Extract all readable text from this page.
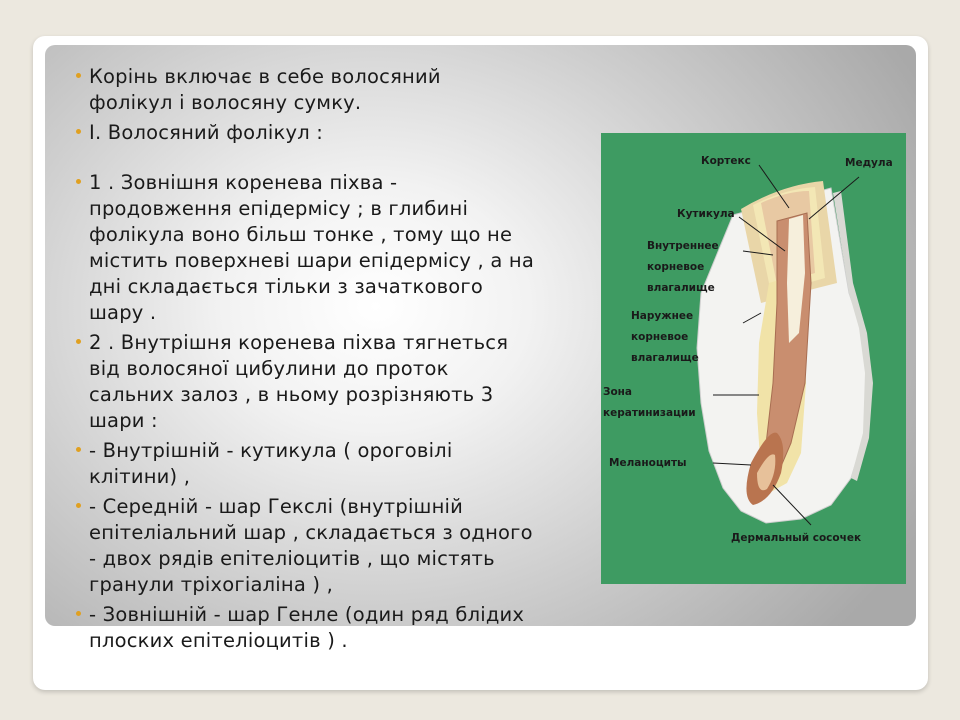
Корінь включає в себе волосяний
фолікул і волосяну сумку.
І. Волосяний фолікул :
1 . Зовнішня коренева піхва -
продовження епідермісу ; в глибині
фолікула воно більш тонке , тому що не
містить поверхневі шари епідермісу , а на
дні складається тільки з зачаткового
шару .
2 . Внутрішня коренева піхва тягнеться
від волосяної цибулини до проток
сальних залоз , в ньому розрізняють 3
шари :
- Внутрішній - кутикула ( ороговілі
клітини) ,
- Середній - шар Гекслі (внутрішній
епітеліальний шар , складається з одного
- двох рядів епітеліоцитів , що містять
гранули тріхогіаліна ) ,
- Зовнішній - шар Генле (один ряд блідих
плоских епітеліоцитів ) .
Кортекс	Медула
Кутикула
Внутреннее
корневое
влагалище
Наружнее
корневое
влагалище
Зона
кератинизации
Меланоциты
Дермальный сосочек
